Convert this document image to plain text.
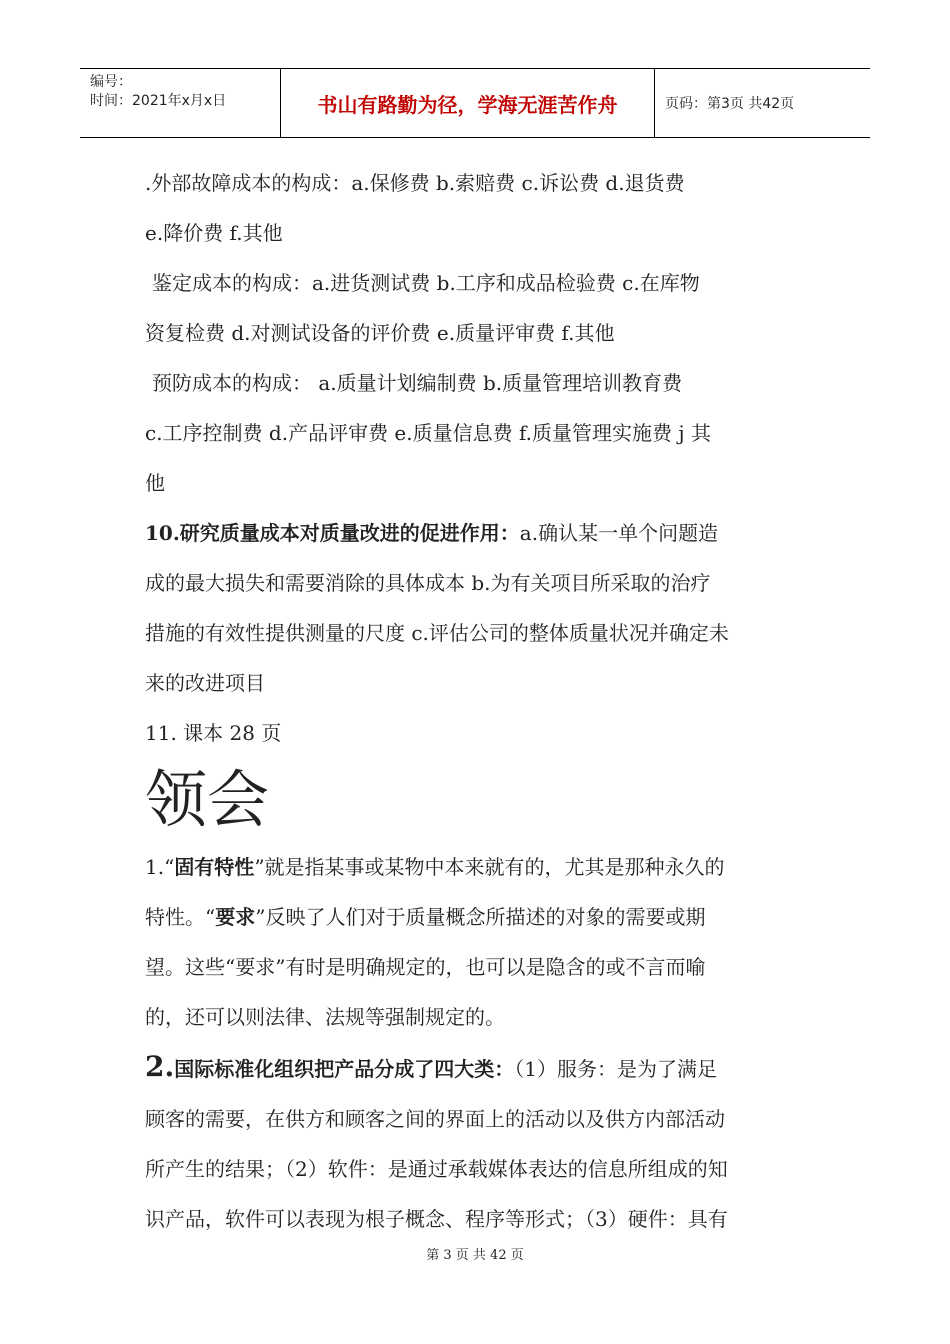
编号：
时间：2021年x月x日	书山有路勤为径，学海无涯苦作舟	页码：第3页 共42页

.外部故障成本的构成：a.保修费 b.索赔费 c.诉讼费 d.退货费

e.降价费 f.其他

鉴定成本的构成：a.进货测试费 b.工序和成品检验费 c.在库物

资复检费 d.对测试设备的评价费 e.质量评审费 f.其他

预防成本的构成： a.质量计划编制费 b.质量管理培训教育费

c.工序控制费 d.产品评审费 e.质量信息费 f.质量管理实施费 j 其

他

10.研究质量成本对质量改进的促进作用：a.确认某一单个问题造

成的最大损失和需要消除的具体成本 b.为有关项目所采取的治疗

措施的有效性提供测量的尺度 c.评估公司的整体质量状况并确定未

来的改进项目

11. 课本 28 页

领会

1.“固有特性”就是指某事或某物中本来就有的，尤其是那种永久的

特性。“要求”反映了人们对于质量概念所描述的对象的需要或期

望。这些“要求”有时是明确规定的，也可以是隐含的或不言而喻

的，还可以则法律、法规等强制规定的。

2.国际标准化组织把产品分成了四大类：（1）服务：是为了满足

顾客的需要，在供方和顾客之间的界面上的活动以及供方内部活动

所产生的结果；（2）软件：是通过承载媒体表达的信息所组成的知

识产品，软件可以表现为根子概念、程序等形式；（3）硬件：具有

第 3 页 共 42 页
